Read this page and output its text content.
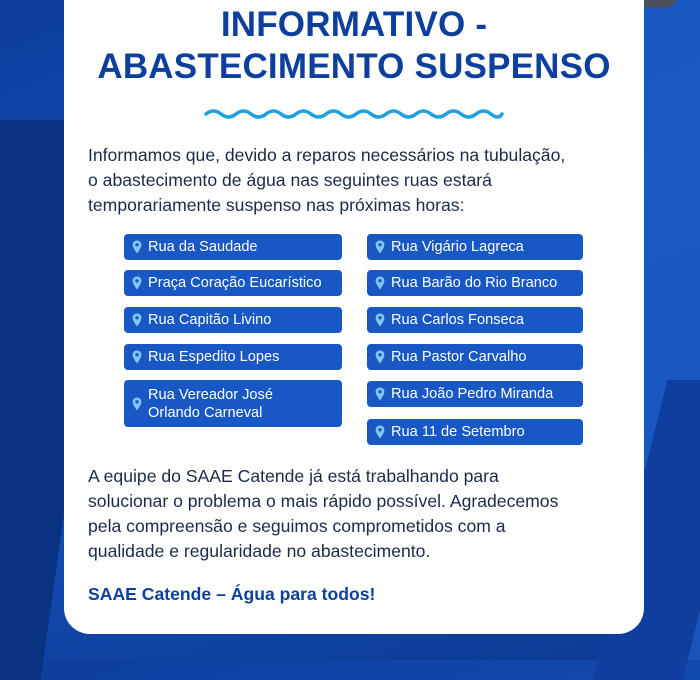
INFORMATIVO -
ABASTECIMENTO SUSPENSO
Informamos que, devido a reparos necessários na tubulação,
o abastecimento de água nas seguintes ruas estará
temporariamente suspenso nas próximas horas:
Rua da Saudade
Praça Coração Eucarístico
Rua Capitão Livino
Rua Espedito Lopes
Rua Vereador José Orlando Carneval
Rua Vigário Lagreca
Rua Barão do Rio Branco
Rua Carlos Fonseca
Rua Pastor Carvalho
Rua João Pedro Miranda
Rua 11 de Setembro
A equipe do SAAE Catende já está trabalhando para
solucionar o problema o mais rápido possível. Agradecemos
pela compreensão e seguimos comprometidos com a
qualidade e regularidade no abastecimento.
SAAE Catende – Água para todos!
